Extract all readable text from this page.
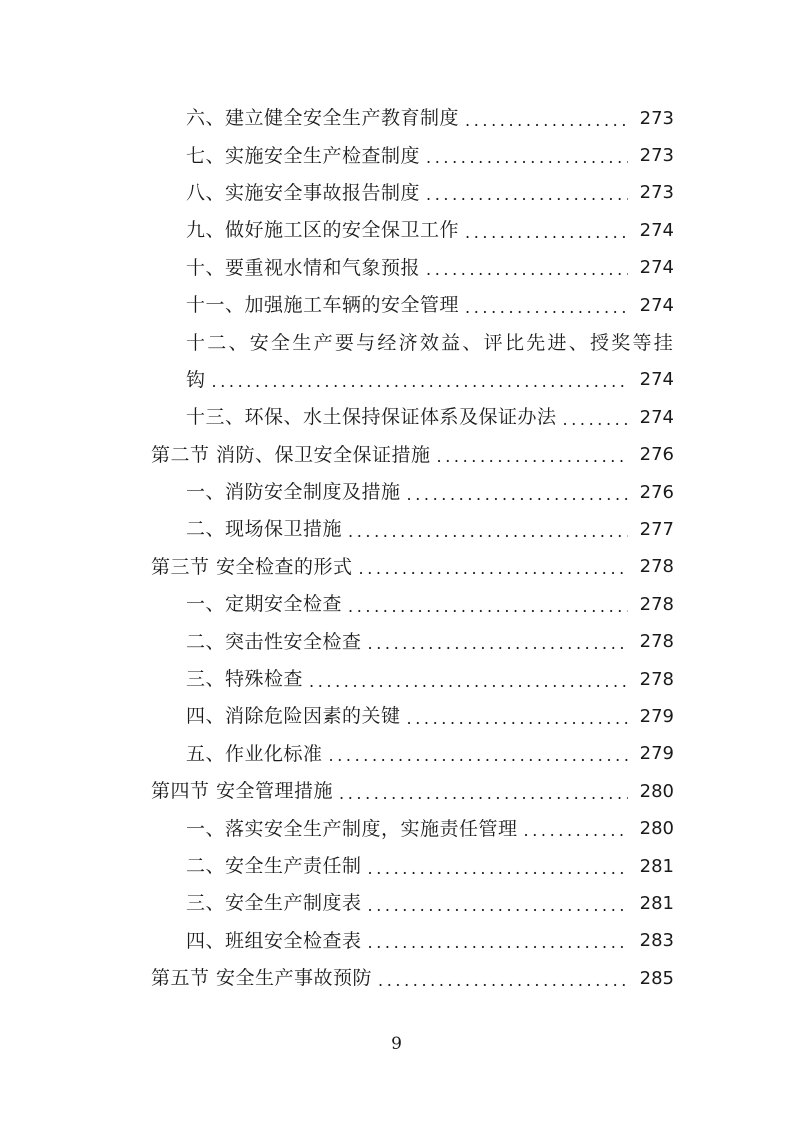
六、建立健全安全生产教育制度 .....	273
七、实施安全生产检查制度 .....	273
八、实施安全事故报告制度 .....	273
九、做好施工区的安全保卫工作 .....	274
十、要重视水情和气象预报 .....	274
十一、加强施工车辆的安全管理 .....	274
十二、安全生产要与经济效益、评比先进、授奖等挂
钩 .....	274
十三、环保、水土保持保证体系及保证办法 .....	274
第二节 消防、保卫安全保证措施 .....	276
一、消防安全制度及措施 .....	276
二、现场保卫措施 .....	277
第三节 安全检查的形式 .....	278
一、定期安全检查 .....	278
二、突击性安全检查 .....	278
三、特殊检查 .....	278
四、消除危险因素的关键 .....	279
五、作业化标准 .....	279
第四节 安全管理措施 .....	280
一、落实安全生产制度，实施责任管理 .....	280
二、安全生产责任制 .....	281
三、安全生产制度表 .....	281
四、班组安全检查表 .....	283
第五节 安全生产事故预防 .....	285
9
